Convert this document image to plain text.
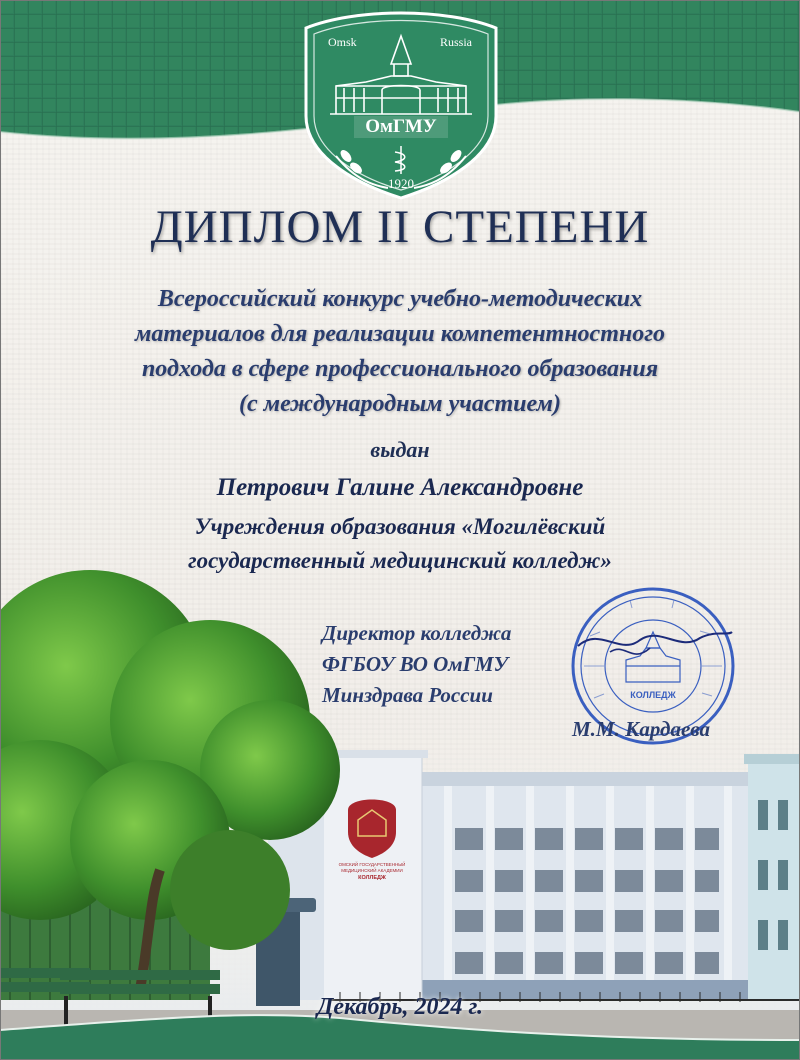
Omsk	Russia
ОмГМУ
1920
ДИПЛОМ II СТЕПЕНИ
Всероссийский конкурс учебно-методических
материалов для реализации компетентностного
подхода в сфере профессионального образования
(с международным участием)
выдан
Петрович Галине Александровне
Учреждения образования «Могилёвский
государственный медицинский колледж»
ОМСКИЙ ГОСУДАРСТВЕННЫЙ
МЕДИЦИНСКИЙ АКАДЕМИИ
КОЛЛЕДЖ
Директор колледжа
ФГБОУ ВО ОмГМУ
Минздрава России	КОЛЛЕДЖ
М.М. Кардаева
Декабрь, 2024 г.
